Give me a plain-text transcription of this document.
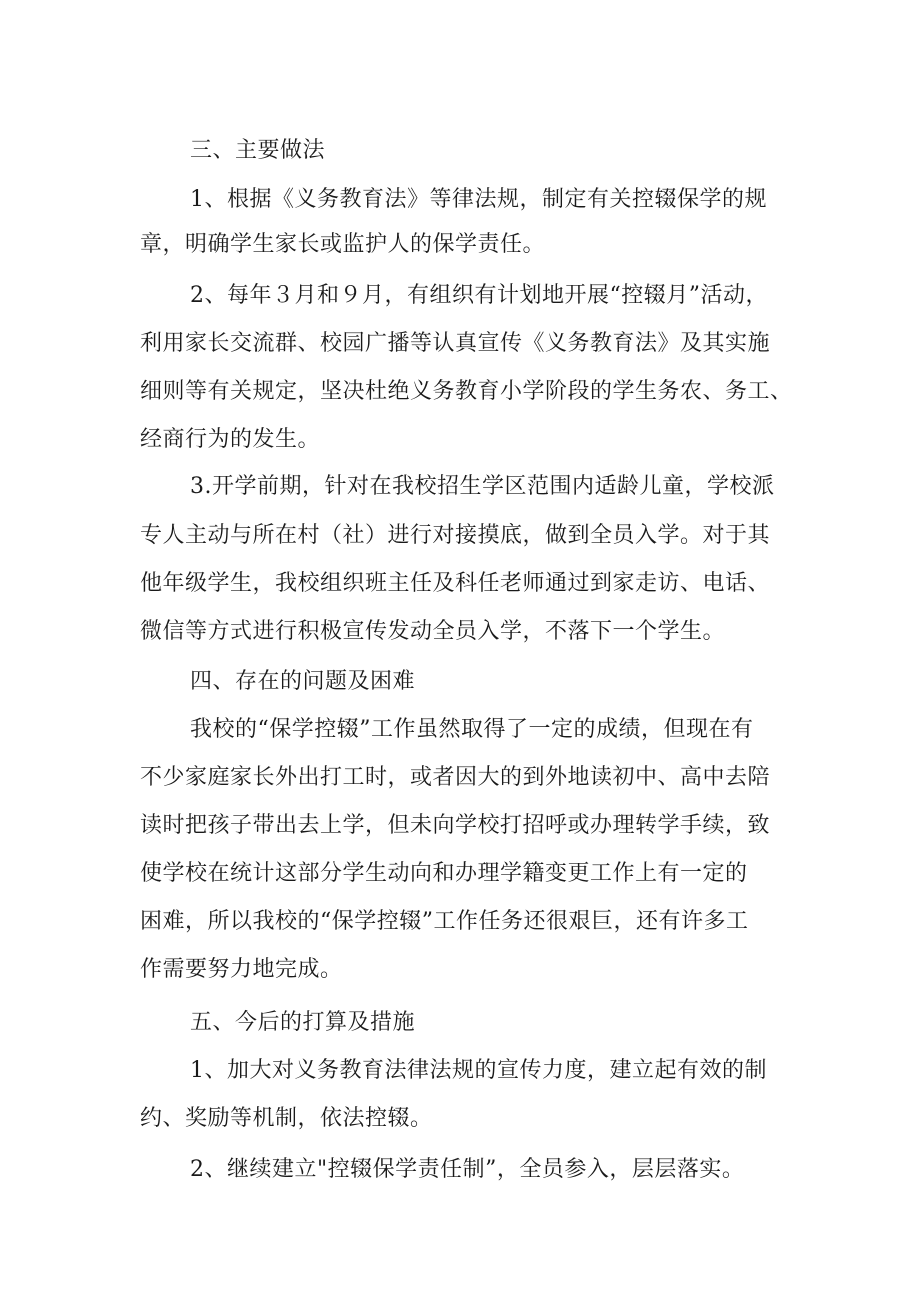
三、主要做法
1、根据《义务教育法》等律法规，制定有关控辍保学的规
章，明确学生家长或监护人的保学责任。
2、每年３月和９月，有组织有计划地开展“控辍月”活动，
利用家长交流群、校园广播等认真宣传《义务教育法》及其实施
细则等有关规定，坚决杜绝义务教育小学阶段的学生务农、务工、
经商行为的发生。
3.开学前期，针对在我校招生学区范围内适龄儿童，学校派
专人主动与所在村（社）进行对接摸底，做到全员入学。对于其
他年级学生，我校组织班主任及科任老师通过到家走访、电话、
微信等方式进行积极宣传发动全员入学，不落下一个学生。
四、存在的问题及困难
我校的“保学控辍”工作虽然取得了一定的成绩，但现在有
不少家庭家长外出打工时，或者因大的到外地读初中、高中去陪
读时把孩子带出去上学，但未向学校打招呼或办理转学手续，致
使学校在统计这部分学生动向和办理学籍变更工作上有一定的
困难，所以我校的“保学控辍”工作任务还很艰巨，还有许多工
作需要努力地完成。
五、今后的打算及措施
1、加大对义务教育法律法规的宣传力度，建立起有效的制
约、奖励等机制，依法控辍。
2、继续建立"控辍保学责任制”，全员参入，层层落实。
